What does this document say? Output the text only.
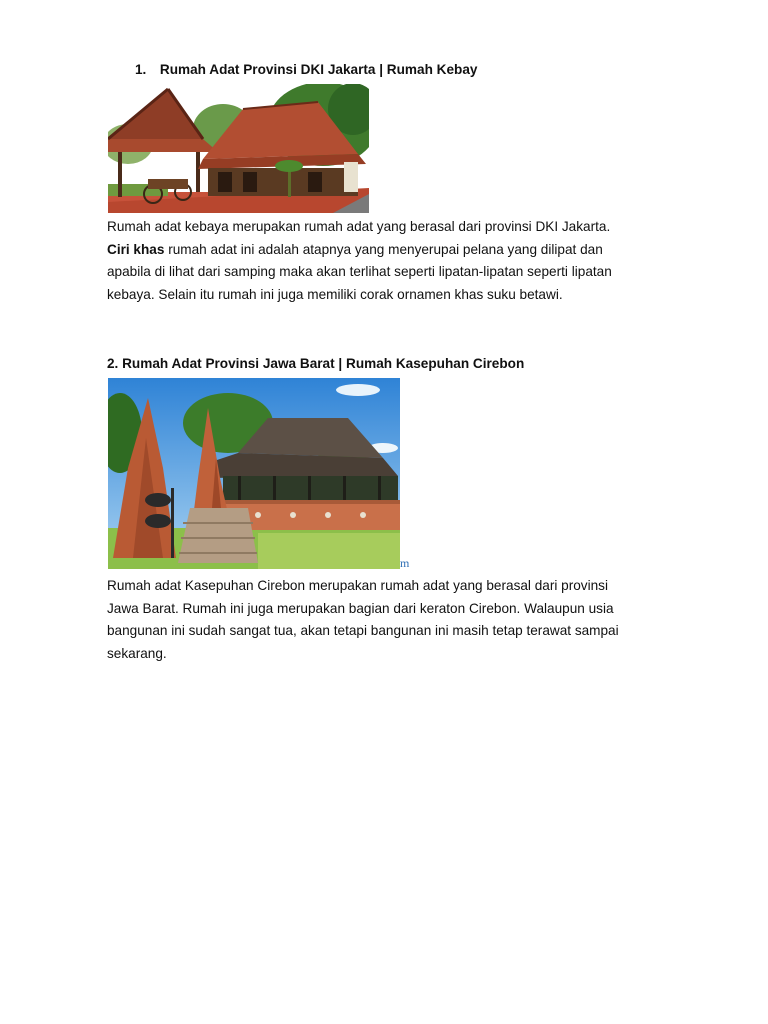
1. Rumah Adat Provinsi DKI Jakarta | Rumah Kebay
Rumah adat kebaya merupakan rumah adat yang berasal dari provinsi DKI Jakarta.
Ciri khas rumah adat ini adalah atapnya yang menyerupai pelana yang dilipat dan
apabila di lihat dari samping maka akan terlihat seperti lipatan-lipatan seperti lipatan
kebaya. Selain itu rumah ini juga memiliki corak ornamen khas suku betawi.
2. Rumah Adat Provinsi Jawa Barat | Rumah Kasepuhan Cirebon
m
Rumah adat Kasepuhan Cirebon merupakan rumah adat yang berasal dari provinsi
Jawa Barat. Rumah ini juga merupakan bagian dari keraton Cirebon. Walaupun usia
bangunan ini sudah sangat tua, akan tetapi bangunan ini masih tetap terawat sampai
sekarang.
